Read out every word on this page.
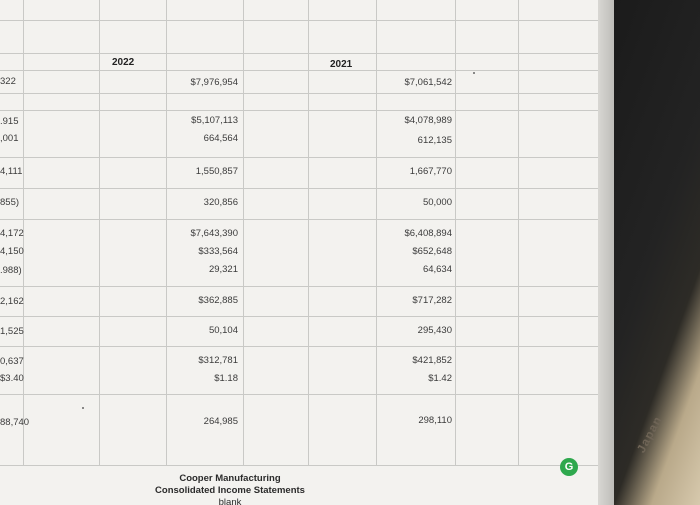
2022	2021
322
.915
,001
4,111
855)
4,172
4,150
.988)
2,162
1,525
0,637
$3.40
88,740
$7,976,954
$5,107,113
664,564
1,550,857
320,856
$7,643,390
$333,564
29,321
$362,885
50,104
$312,781
$1.18
264,985
$7,061,542
$4,078,989
612,135
1,667,770
50,000
$6,408,894
$652,648
64,634
$717,282
295,430
$421,852
$1.42
298,110
Cooper Manufacturing
Consolidated Income Statements
blank
G
Japan
